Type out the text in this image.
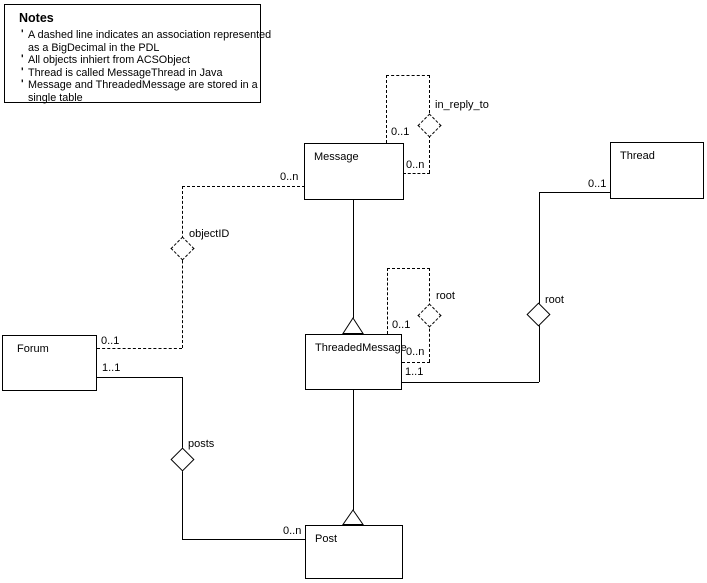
Message	Thread
ThreadedMessage
Forum
Post
in_reply_to
objectID
root	root
posts
0..1
0..n
0..n
0..1
0..n
1..1
0..1
0..1
1..1
0..n
Notes
' A dashed line indicates an association represented
as a BigDecimal in the PDL
' All objects inhiert from ACSObject
' Thread is called MessageThread in Java
' Message and ThreadedMessage are stored in a
single table
